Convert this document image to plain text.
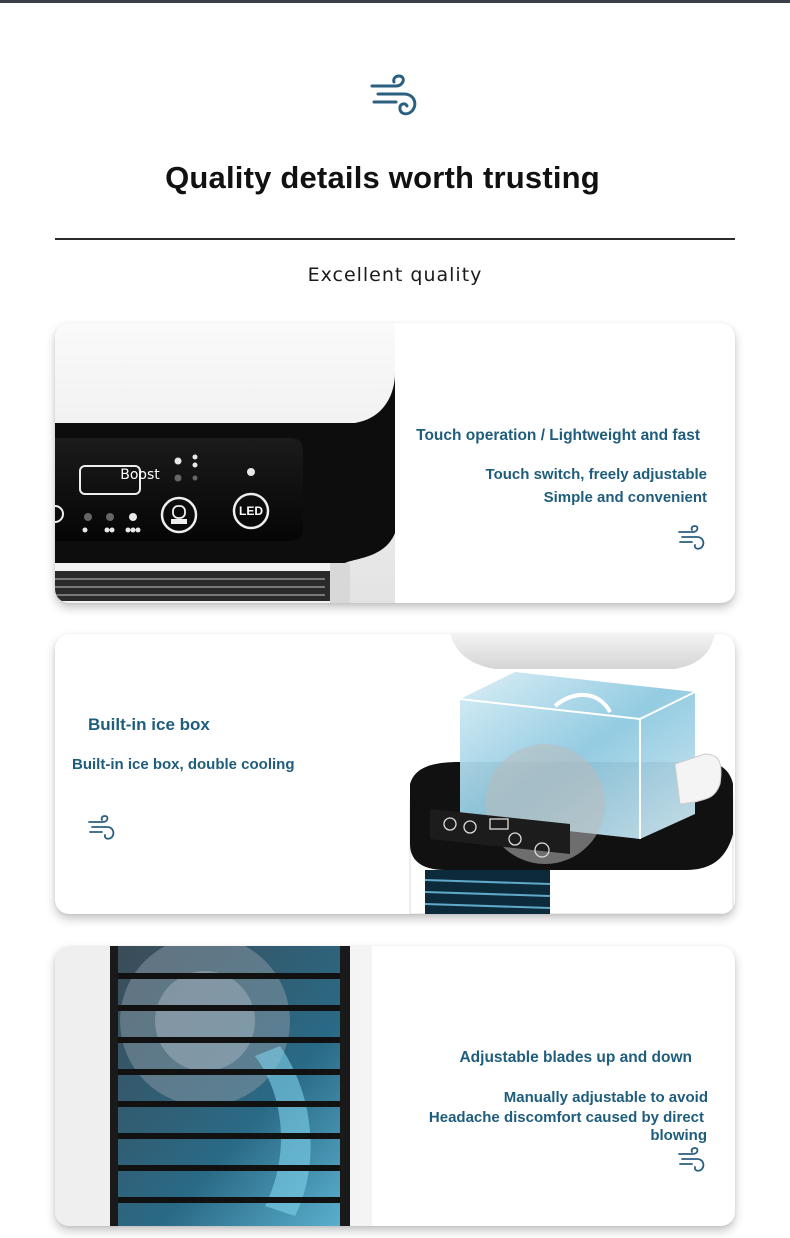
Quality details worth trusting
Excellent quality
Boost
LED
Touch operation / Lightweight and fast
Touch switch, freely adjustable
Simple and convenient
Built-in ice box
Built-in ice box, double cooling
Adjustable blades up and down
Manually adjustable to avoid
Headache discomfort caused by direct
blowing
